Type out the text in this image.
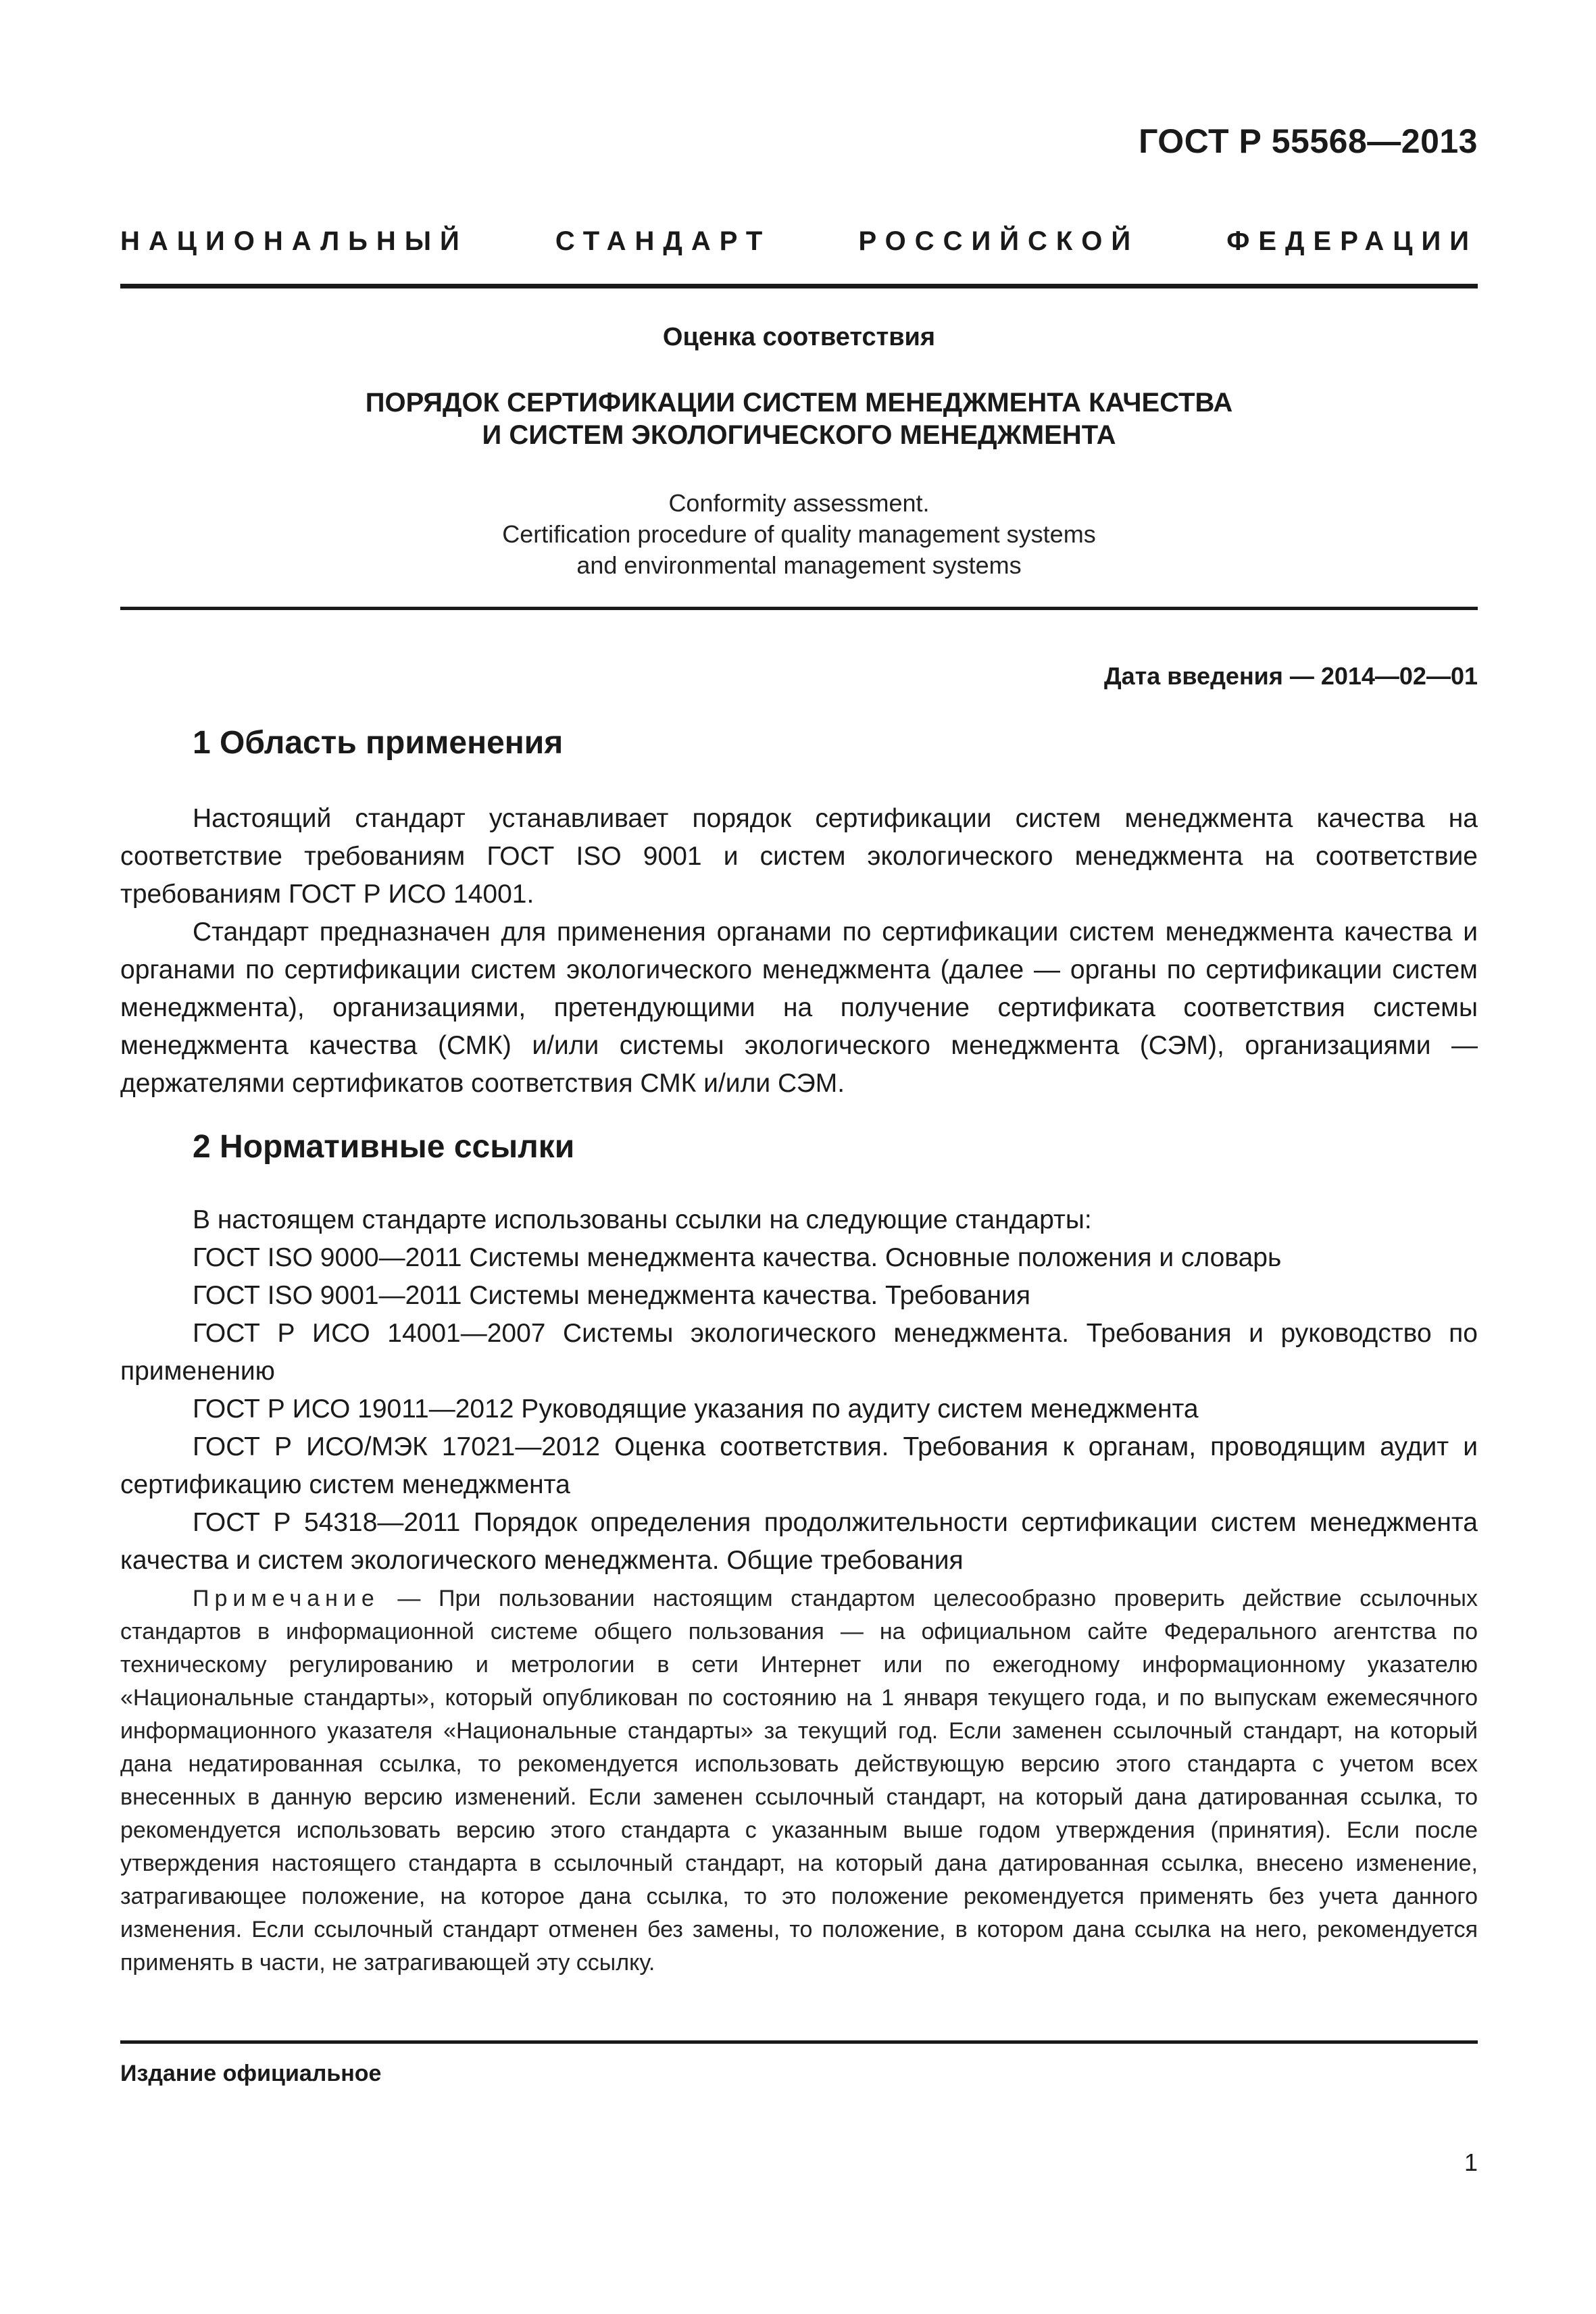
ГОСТ Р 55568—2013
НАЦИОНАЛЬНЫЙ	СТАНДАРТ	РОССИЙСКОЙ	ФЕДЕРАЦИИ
Оценка соответствия
ПОРЯДОК СЕРТИФИКАЦИИ СИСТЕМ МЕНЕДЖМЕНТА КАЧЕСТВА
И СИСТЕМ ЭКОЛОГИЧЕСКОГО МЕНЕДЖМЕНТА
Conformity assessment.
Certification procedure of quality management systems
and environmental management systems
Дата введения — 2014—02—01
1 Область применения

Настоящий стандарт устанавливает порядок сертификации систем менеджмента качества на соответствие требованиям ГОСТ ISO 9001 и систем экологического менеджмента на соответствие требованиям ГОСТ Р ИСО 14001.

Стандарт предназначен для применения органами по сертификации систем менеджмента качества и органами по сертификации систем экологического менеджмента (далее — органы по сертификации систем менеджмента), организациями, претендующими на получение сертификата соответствия системы менеджмента качества (СМК) и/или системы экологического менеджмента (СЭМ), организациями — держателями сертификатов соответствия СМК и/или СЭМ.

2 Нормативные ссылки

В настоящем стандарте использованы ссылки на следующие стандарты:

ГОСТ ISO 9000—2011 Системы менеджмента качества. Основные положения и словарь

ГОСТ ISO 9001—2011 Системы менеджмента качества. Требования

ГОСТ Р ИСО 14001—2007 Системы экологического менеджмента. Требования и руководство по применению

ГОСТ Р ИСО 19011—2012 Руководящие указания по аудиту систем менеджмента

ГОСТ Р ИСО/МЭК 17021—2012 Оценка соответствия. Требования к органам, проводящим аудит и сертификацию систем менеджмента

ГОСТ Р 54318—2011 Порядок определения продолжительности сертификации систем менеджмента качества и систем экологического менеджмента. Общие требования

Примечание — При пользовании настоящим стандартом целесообразно проверить действие ссылочных стандартов в информационной системе общего пользования — на официальном сайте Федерального агентства по техническому регулированию и метрологии в сети Интернет или по ежегодному информационному указателю «Национальные стандарты», который опубликован по состоянию на 1 января текущего года, и по выпускам ежемесячного информационного указателя «Национальные стандарты» за текущий год. Если заменен ссылочный стандарт, на который дана недатированная ссылка, то рекомендуется использовать действующую версию этого стандарта с учетом всех внесенных в данную версию изменений. Если заменен ссылочный стандарт, на который дана датированная ссылка, то рекомендуется использовать версию этого стандарта с указанным выше годом утверждения (принятия). Если после утверждения настоящего стандарта в ссылочный стандарт, на который дана датированная ссылка, внесено изменение, затрагивающее положение, на которое дана ссылка, то это положение рекомендуется применять без учета данного изменения. Если ссылочный стандарт отменен без замены, то положение, в котором дана ссылка на него, рекомендуется применять в части, не затрагивающей эту ссылку.

Издание официальное
1
